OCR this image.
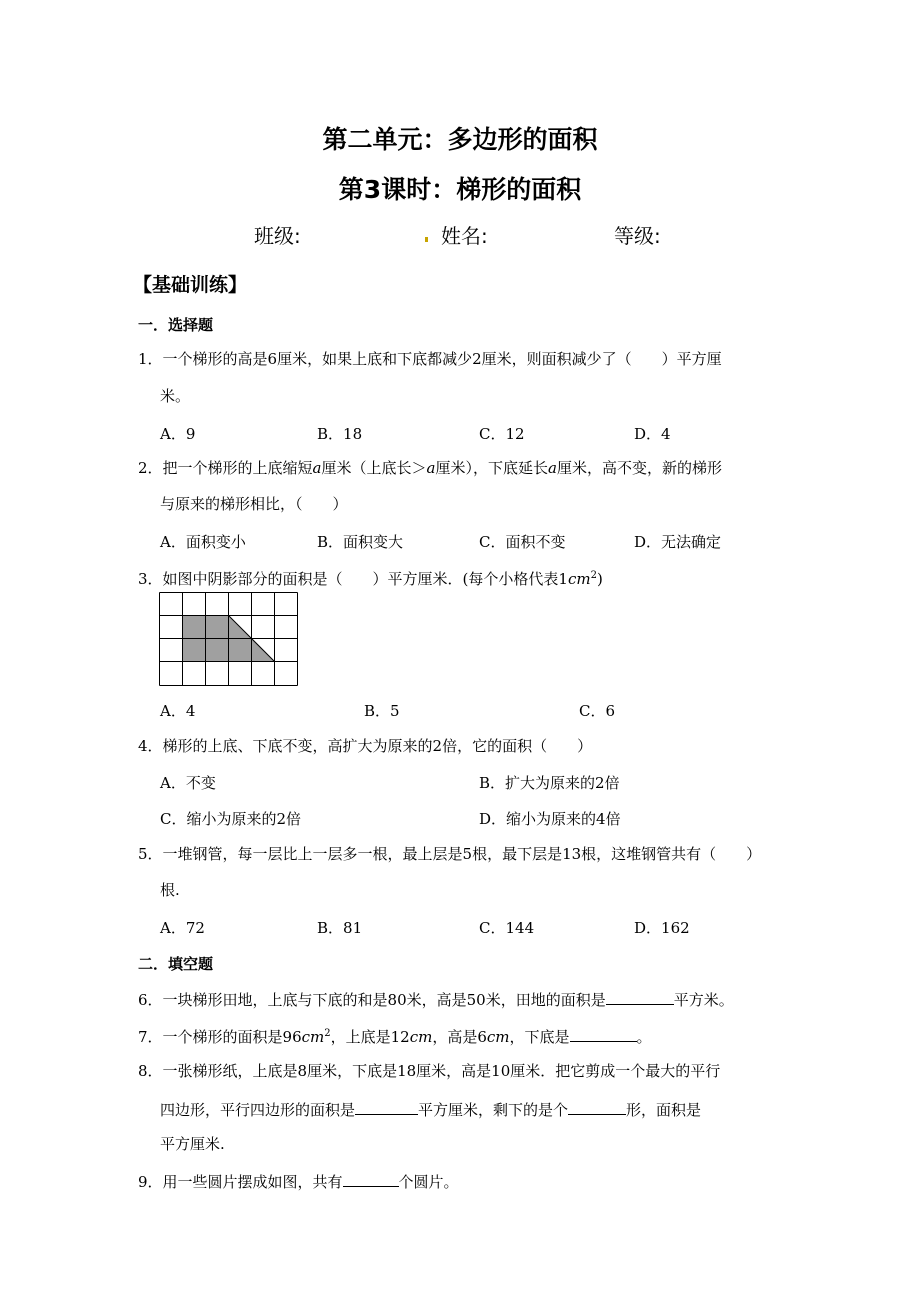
第二单元：多边形的面积
第3课时：梯形的面积
班级:	姓名:	等级:
【基础训练】
一．选择题
1．一个梯形的高是6厘米，如果上底和下底都减少2厘米，则面积减少了（　　）平方厘
米。
A．9	B．18	C．12	D．4
2．把一个梯形的上底缩短a厘米（上底长＞a厘米），下底延长a厘米，高不变，新的梯形
与原来的梯形相比，（　　）
A．面积变小	B．面积变大	C．面积不变	D．无法确定
3．如图中阴影部分的面积是（　　）平方厘米．(每个小格代表$1cm^2$)
A．4	B．5	C．6
4．梯形的上底、下底不变，高扩大为原来的2倍，它的面积（　　）
A．不变	B．扩大为原来的2倍
C．缩小为原来的2倍	D．缩小为原来的4倍
5．一堆钢管，每一层比上一层多一根，最上层是5根，最下层是13根，这堆钢管共有（　　）
根.
A．72	B．81	C．144	D．162
二．填空题
6．一块梯形田地，上底与下底的和是80米，高是50米，田地的面积是	平方米。
7．一个梯形的面积是$96cm^2$，上底是12cm，高是6cm，下底是	。
8．一张梯形纸，上底是8厘米，下底是18厘米，高是10厘米．把它剪成一个最大的平行
四边形，平行四边形的面积是	平方厘米，剩下的是个	形，面积是
平方厘米.
9．用一些圆片摆成如图，共有	个圆片。
